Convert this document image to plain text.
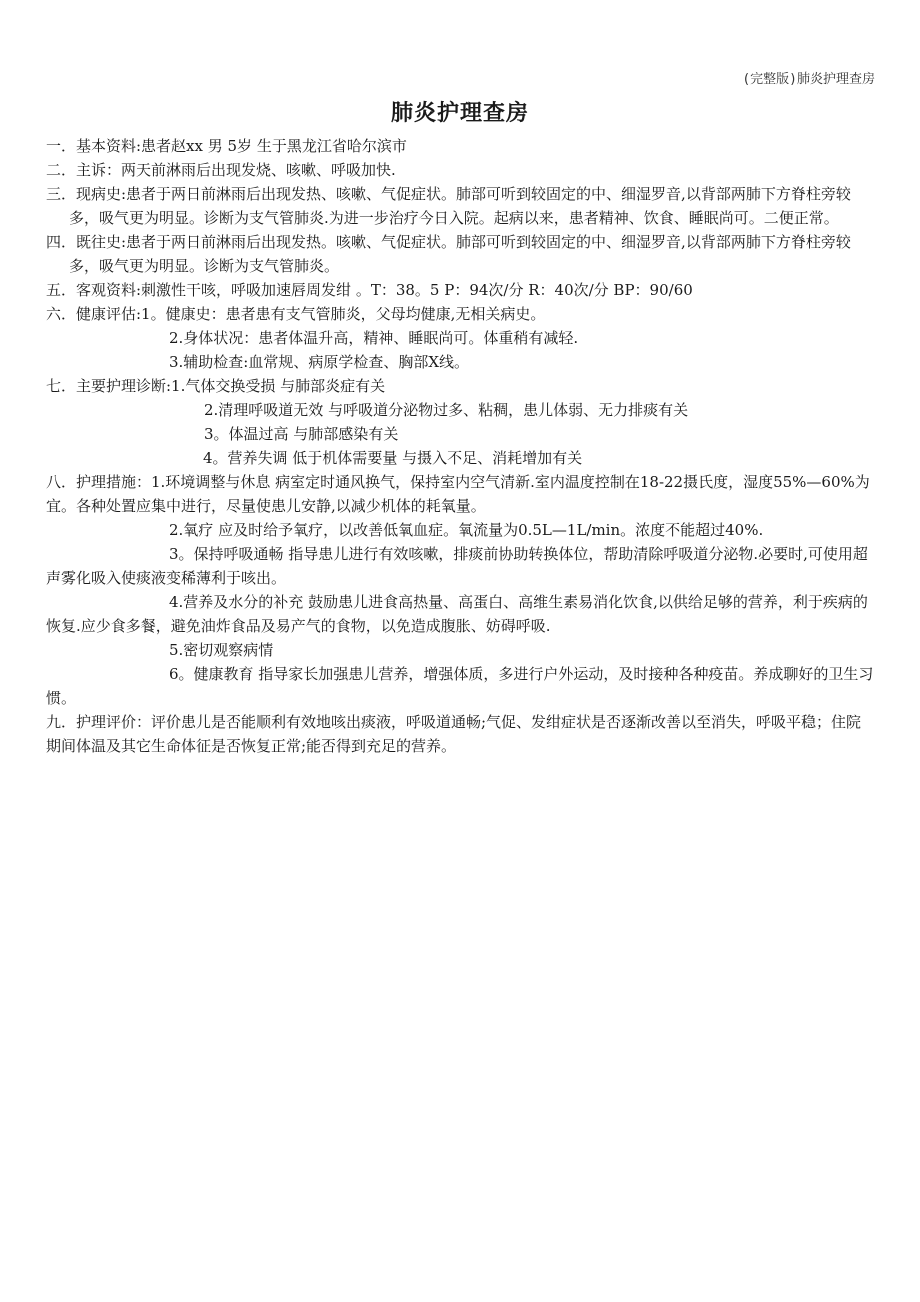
(完整版)肺炎护理查房
肺炎护理查房

一．基本资料:患者赵xx 男 5岁 生于黑龙江省哈尔滨市

二．主诉：两天前淋雨后出现发烧、咳嗽、呼吸加快.

三．现病史:患者于两日前淋雨后出现发热、咳嗽、气促症状。肺部可听到较固定的中、细湿罗音,以背部两肺下方脊柱旁较多，吸气更为明显。诊断为支气管肺炎.为进一步治疗今日入院。起病以来，患者精神、饮食、睡眠尚可。二便正常。

四．既往史:患者于两日前淋雨后出现发热。咳嗽、气促症状。肺部可听到较固定的中、细湿罗音,以背部两肺下方脊柱旁较多，吸气更为明显。诊断为支气管肺炎。

五．客观资料:刺激性干咳，呼吸加速唇周发绀 。T：38。5 P：94次/分 R：40次/分 BP：90/60

六．健康评估:1。健康史：患者患有支气管肺炎，父母均健康,无相关病史。

2.身体状况：患者体温升高，精神、睡眠尚可。体重稍有减轻.

3.辅助检查:血常规、病原学检查、胸部X线。

七．主要护理诊断:1.气体交换受损 与肺部炎症有关

2.清理呼吸道无效 与呼吸道分泌物过多、粘稠，患儿体弱、无力排痰有关

3。体温过高 与肺部感染有关

4。营养失调 低于机体需要量 与摄入不足、消耗增加有关

八．护理措施：1.环境调整与休息 病室定时通风换气，保持室内空气清新.室内温度控制在18-22摄氏度，湿度55%—60%为宜。各种处置应集中进行，尽量使患儿安静,以减少机体的耗氧量。

2.氧疗 应及时给予氧疗，以改善低氧血症。氧流量为0.5L—1L/min。浓度不能超过40%.

3。保持呼吸通畅 指导患儿进行有效咳嗽，排痰前协助转换体位，帮助清除呼吸道分泌物.必要时,可使用超声雾化吸入使痰液变稀薄利于咳出。

4.营养及水分的补充 鼓励患儿进食高热量、高蛋白、高维生素易消化饮食,以供给足够的营养，利于疾病的恢复.应少食多餐，避免油炸食品及易产气的食物，以免造成腹胀、妨碍呼吸.

5.密切观察病情

6。健康教育 指导家长加强患儿营养，增强体质，多进行户外运动，及时接种各种疫苗。养成聊好的卫生习惯。

九．护理评价：评价患儿是否能顺利有效地咳出痰液，呼吸道通畅;气促、发绀症状是否逐渐改善以至消失，呼吸平稳；住院期间体温及其它生命体征是否恢复正常;能否得到充足的营养。
